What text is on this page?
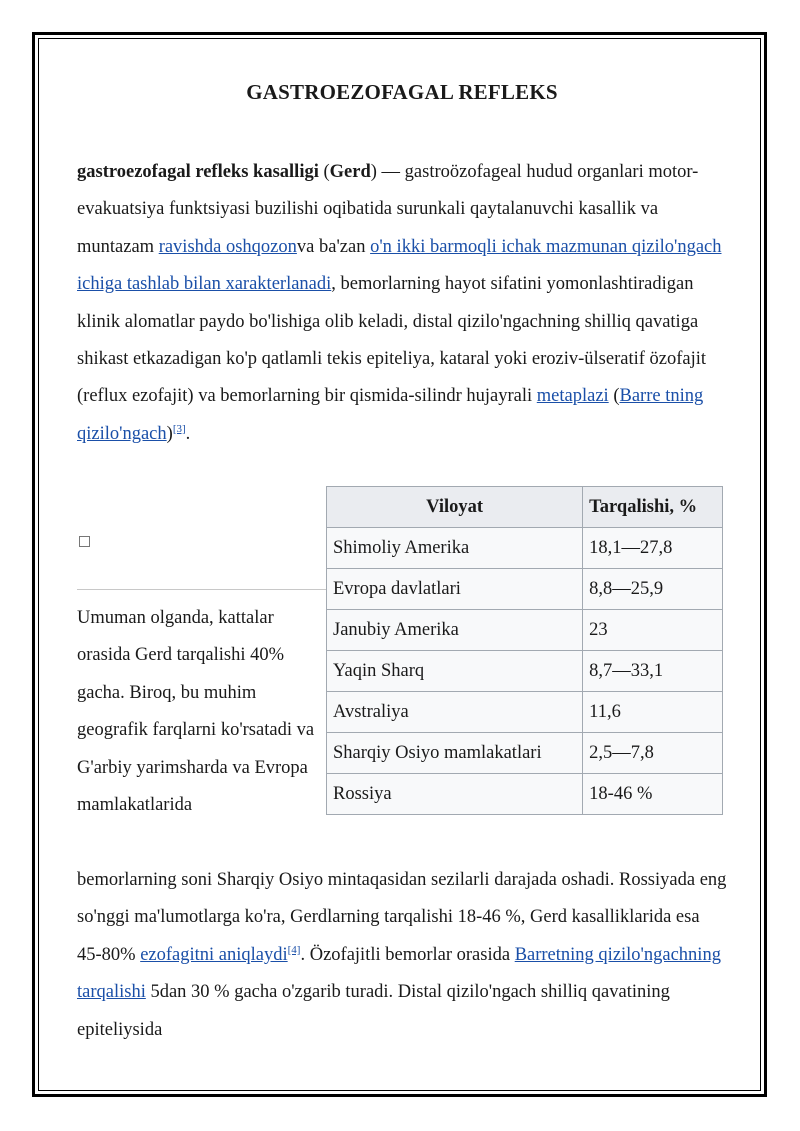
GASTROEZOFAGAL REFLEKS

gastroezofagal refleks kasalligi (Gerd) — gastroözofageal hudud organlari motor-evakuatsiya funktsiyasi buzilishi oqibatida surunkali qaytalanuvchi kasallik va muntazam ravishda oshqozonva ba'zan o'n ikki barmoqli ichak mazmunan qizilo'ngach ichiga tashlab bilan xarakterlanadi, bemorlarning hayot sifatini yomonlashtiradigan klinik alomatlar paydo bo'lishiga olib keladi, distal qizilo'ngachning shilliq qavatiga shikast etkazadigan ko'p qatlamli tekis epiteliya, kataral yoki eroziv-ülseratif özofajit (reflux ezofajit) va bemorlarning bir qismida-silindr hujayrali metaplazi (Barre tning qizilo'ngach)[3].

Viloyat	Tarqalishi, %
Shimoliy Amerika	18,1—27,8
Evropa davlatlari	8,8—25,9
Janubiy Amerika	23
Yaqin Sharq	8,7—33,1
Avstraliya	11,6
Sharqiy Osiyo mamlakatlari	2,5—7,8
Rossiya	18-46 %

Umuman olganda, kattalar orasida Gerd tarqalishi 40% gacha. Biroq, bu muhim geografik farqlarni ko'rsatadi va G'arbiy yarimsharda va Evropa mamlakatlarida

bemorlarning soni Sharqiy Osiyo mintaqasidan sezilarli darajada oshadi. Rossiyada eng so'nggi ma'lumotlarga ko'ra, Gerdlarning tarqalishi 18-46 %, Gerd kasalliklarida esa 45-80% ezofagitni aniqlaydi[4]. Özofajitli bemorlar orasida Barretning qizilo'ngachning tarqalishi 5dan 30 % gacha o'zgarib turadi. Distal qizilo'ngach shilliq qavatining epiteliysida
